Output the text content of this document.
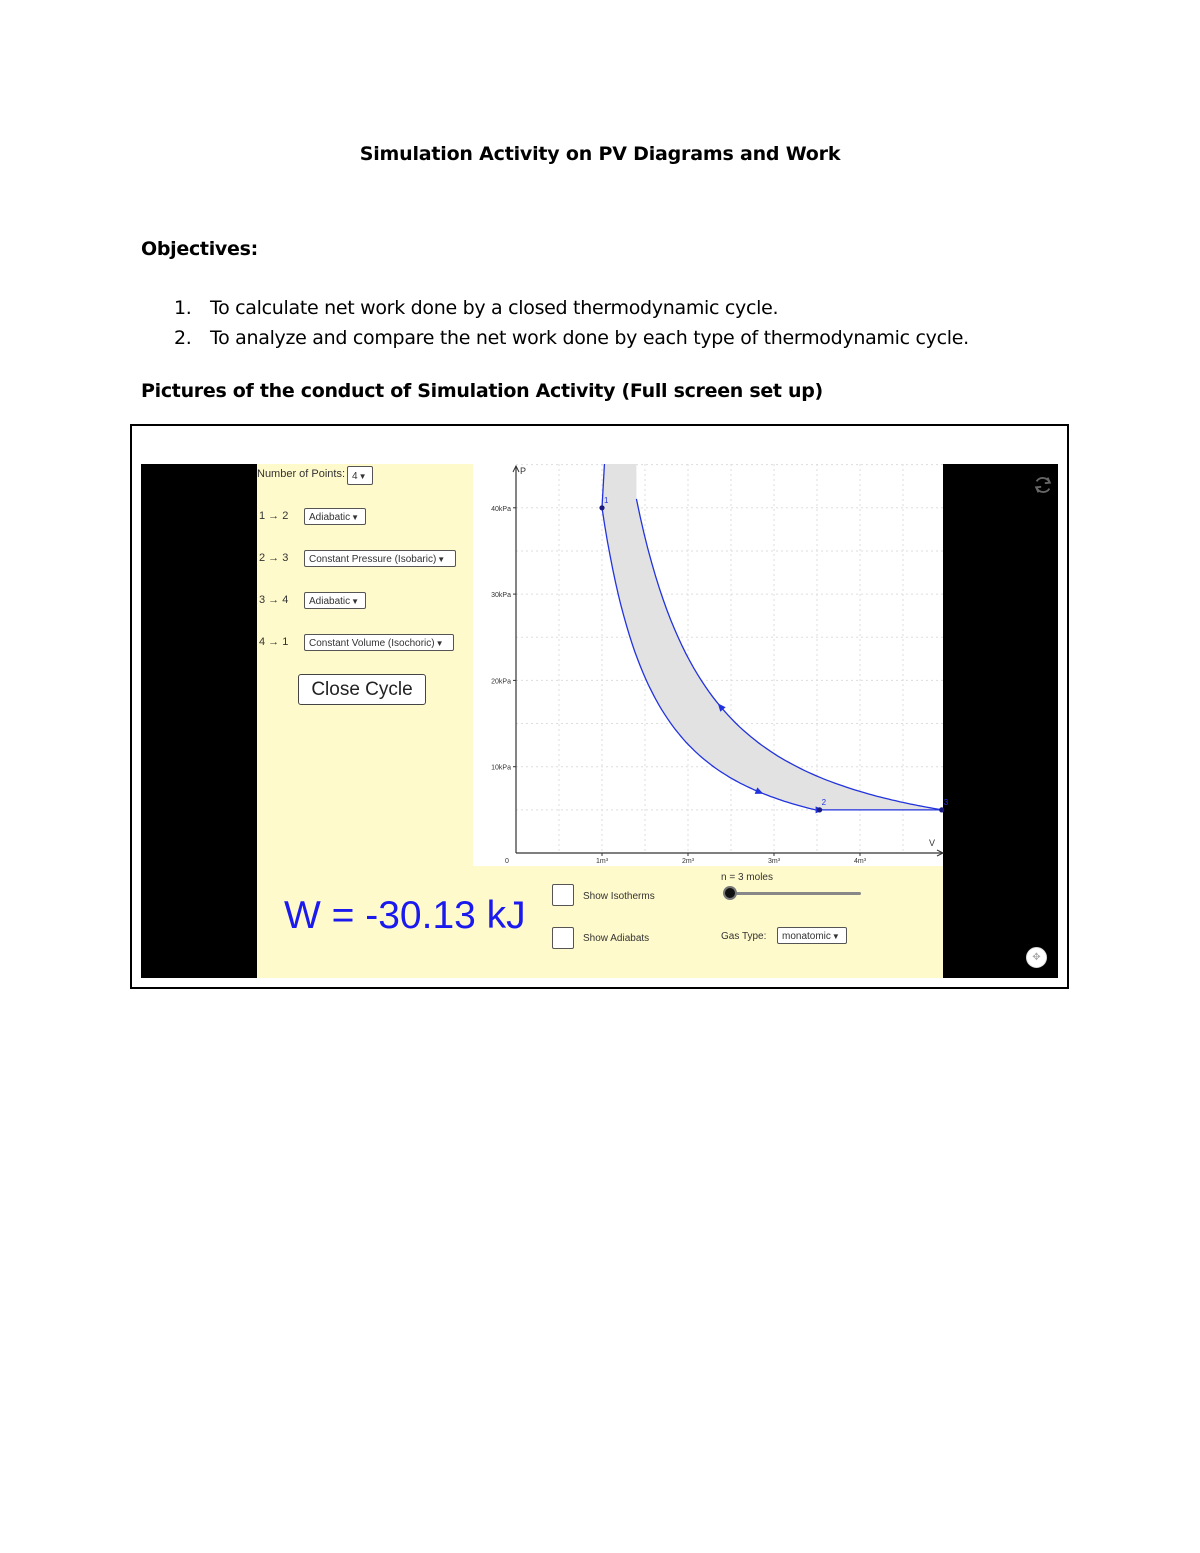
Simulation Activity on PV Diagrams and Work
Objectives:
1. To calculate net work done by a closed thermodynamic cycle.
2. To analyze and compare the net work done by each type of thermodynamic cycle.
Pictures of the conduct of Simulation Activity (Full screen set up)
Number of Points: 4▼
1 → 2	Adiabatic▼
2 → 3	Constant Pressure (Isobaric)▼
3 → 4	Adiabatic▼
4 → 1	Constant Volume (Isochoric)▼
Close Cycle
P
V
0	1m³	2m³	3m³	4m³
10kPa
20kPa
30kPa
40kPa
1
2	3
W = -30.13 kJ	Show Isotherms
Show Adiabats
n = 3 moles
Gas Type:	monatomic▼
✥
